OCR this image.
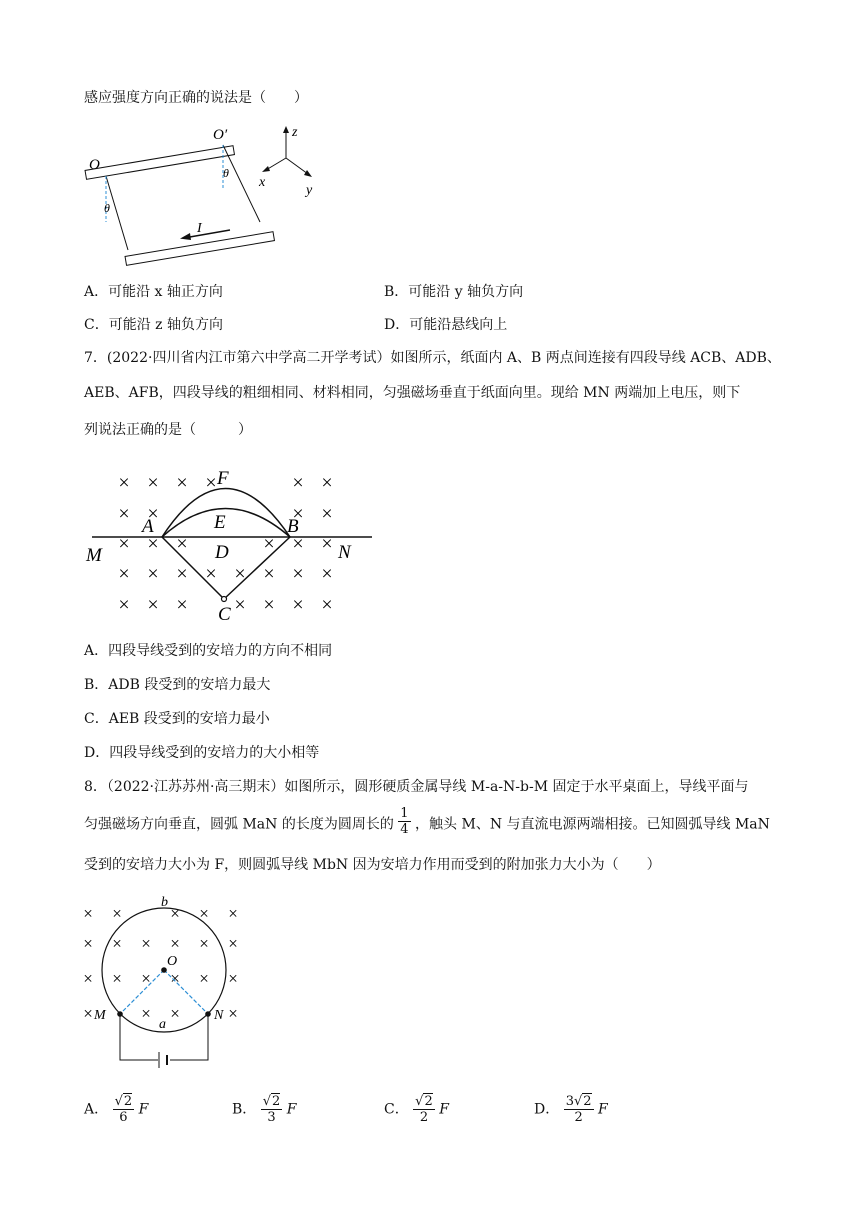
感应强度方向正确的说法是（　　）
O
O′
θ
θ
I
z
x
y
A．可能沿 x 轴正方向	B．可能沿 y 轴负方向
C．可能沿 z 轴负方向	D．可能沿悬线向上
7．(2022·四川省内江市第六中学高二开学考试）如图所示，纸面内 A、B 两点间连接有四段导线 ACB、ADB、
AEB、AFB，四段导线的粗细相同、材料相同，匀强磁场垂直于纸面向里。现给 MN 两端加上电压，则下
列说法正确的是（　　　）
× × × ×	× ×
× ×	× ×
× × ×	× × ×
× × × × × × × ×
× × × × × × ×
F
E
A	B
D
C
M	N
A．四段导线受到的安培力的方向不相同
B．ADB 段受到的安培力最大
C．AEB 段受到的安培力最小
D．四段导线受到的安培力的大小相等
8．（2022·江苏苏州·高三期末）如图所示，圆形硬质金属导线 M-a-N-b-M 固定于水平桌面上，导线平面与
匀强磁场方向垂直，圆弧 MaN 的长度为圆周长的 $\frac{1}{4}$ ，触头 M、N 与直流电源两端相接。已知圆弧导线 MaN
受到的安培力大小为 F，则圆弧导线 MbN 因为安培力作用而受到的附加张力大小为（　　）
× ×	× × ×
× × × × × ×
× × × × × ×
×	× ×	×
b
O
M	N
a
A． $\frac{√2}{6}$ F	B． $\frac{√2}{3}$ F	C． $\frac{√2}{2}$ F	D． $\frac{3√2}{2}$ F
